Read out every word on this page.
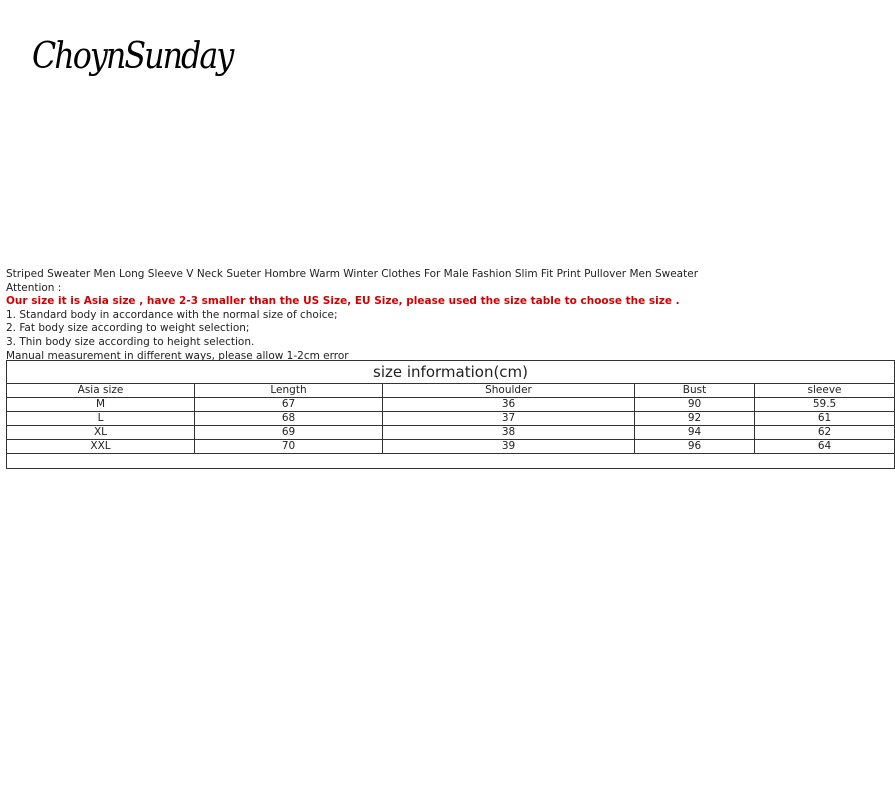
ChoynSunday
Striped Sweater Men Long Sleeve V Neck Sueter Hombre Warm Winter Clothes For Male Fashion Slim Fit Print Pullover Men Sweater
Attention :
Our size it is Asia size , have 2-3 smaller than the US Size, EU Size, please used the size table to choose the size .
1. Standard body in accordance with the normal size of choice;
2. Fat body size according to weight selection;
3. Thin body size according to height selection.
Manual measurement in different ways, please allow 1-2cm error
size information(cm)				
Asia size	Length	Shoulder	Bust	sleeve
M	67	36	90	59.5
L	68	37	92	61
XL	69	38	94	62
XXL	70	39	96	64
